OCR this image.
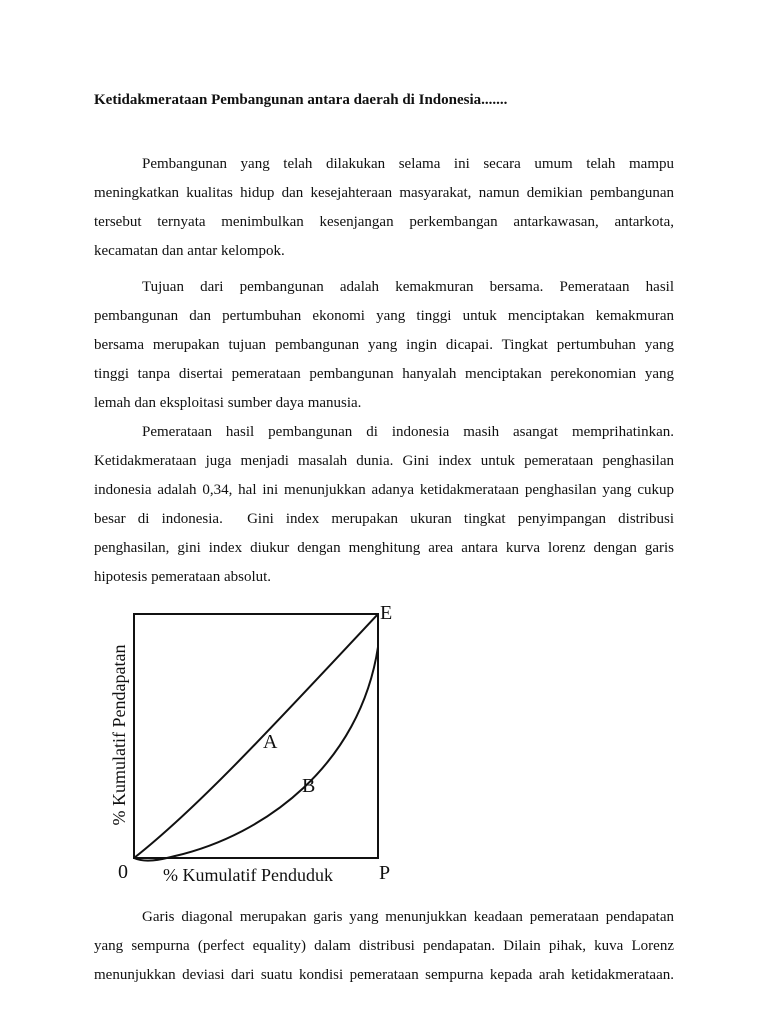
Ketidakmerataan Pembangunan antara daerah di Indonesia.......
Pembangunan yang telah dilakukan selama ini secara umum telah mampu
meningkatkan kualitas hidup dan kesejahteraan masyarakat, namun demikian pembangunan
tersebut ternyata menimbulkan kesenjangan perkembangan antarkawasan, antarkota,
kecamatan dan antar kelompok.
Tujuan dari pembangunan adalah kemakmuran bersama. Pemerataan hasil
pembangunan dan pertumbuhan ekonomi yang tinggi untuk menciptakan kemakmuran
bersama merupakan tujuan pembangunan yang ingin dicapai. Tingkat pertumbuhan yang
tinggi tanpa disertai pemerataan pembangunan hanyalah menciptakan perekonomian yang
lemah dan eksploitasi sumber daya manusia.
Pemerataan hasil pembangunan di indonesia masih asangat memprihatinkan.
Ketidakmerataan juga menjadi masalah dunia. Gini index untuk pemerataan penghasilan
indonesia adalah 0,34, hal ini menunjukkan adanya ketidakmerataan penghasilan yang cukup
besar di indonesia.  Gini index merupakan ukuran tingkat penyimpangan distribusi
penghasilan, gini index diukur dengan menghitung area antara kurva lorenz dengan garis
hipotesis pemerataan absolut.
% Kumulatif Pendapatan
% Kumulatif Penduduk
0
E
P
A
B
Garis diagonal merupakan garis yang menunjukkan keadaan pemerataan pendapatan
yang sempurna (perfect equality) dalam distribusi pendapatan. Dilain pihak, kuva Lorenz
menunjukkan deviasi dari suatu kondisi pemerataan sempurna kepada arah ketidakmerataan.
